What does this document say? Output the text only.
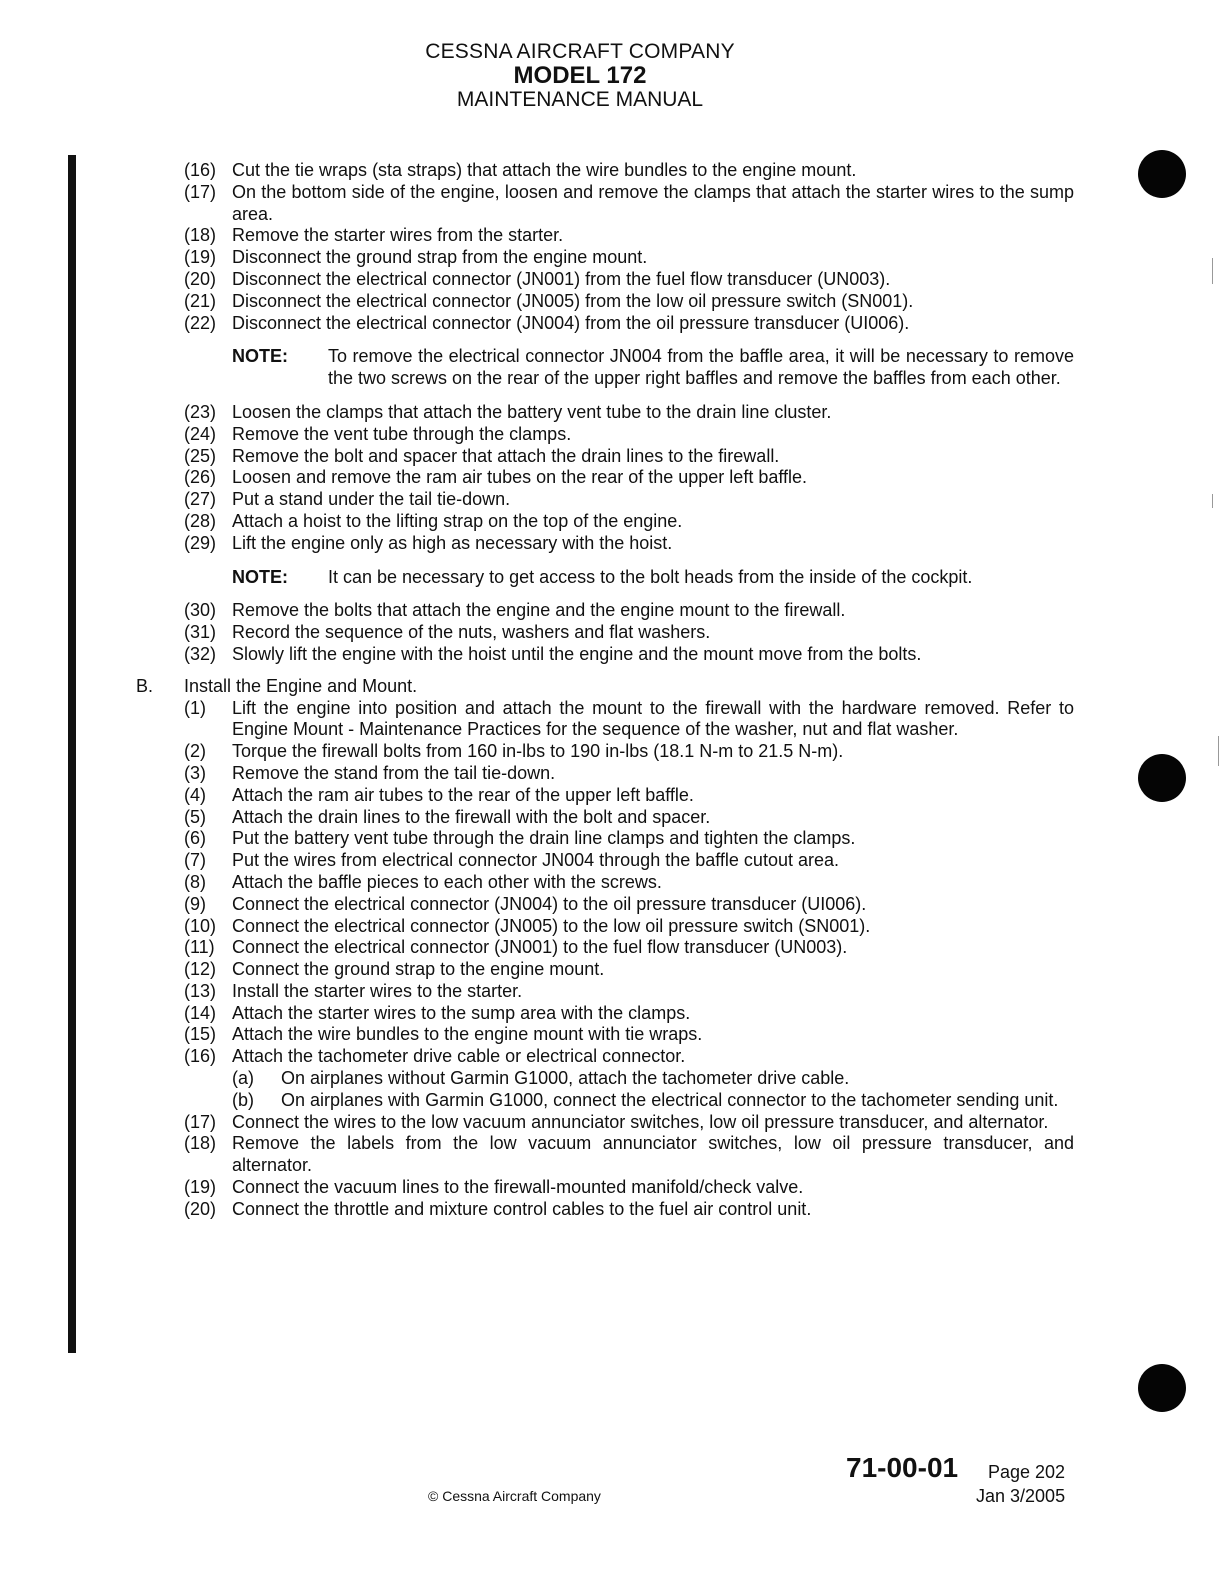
CESSNA AIRCRAFT COMPANY
MODEL 172
MAINTENANCE MANUAL
(16) Cut the tie wraps (sta straps) that attach the wire bundles to the engine mount.
(17) On the bottom side of the engine, loosen and remove the clamps that attach the starter wires to the sump area.
(18) Remove the starter wires from the starter.
(19) Disconnect the ground strap from the engine mount.
(20) Disconnect the electrical connector (JN001) from the fuel flow transducer (UN003).
(21) Disconnect the electrical connector (JN005) from the low oil pressure switch (SN001).
(22) Disconnect the electrical connector (JN004) from the oil pressure transducer (UI006).
NOTE: To remove the electrical connector JN004 from the baffle area, it will be necessary to remove the two screws on the rear of the upper right baffles and remove the baffles from each other.
(23) Loosen the clamps that attach the battery vent tube to the drain line cluster.
(24) Remove the vent tube through the clamps.
(25) Remove the bolt and spacer that attach the drain lines to the firewall.
(26) Loosen and remove the ram air tubes on the rear of the upper left baffle.
(27) Put a stand under the tail tie-down.
(28) Attach a hoist to the lifting strap on the top of the engine.
(29) Lift the engine only as high as necessary with the hoist.
NOTE: It can be necessary to get access to the bolt heads from the inside of the cockpit.
(30) Remove the bolts that attach the engine and the engine mount to the firewall.
(31) Record the sequence of the nuts, washers and flat washers.
(32) Slowly lift the engine with the hoist until the engine and the mount move from the bolts.
B. Install the Engine and Mount.
(1) Lift the engine into position and attach the mount to the firewall with the hardware removed. Refer to Engine Mount - Maintenance Practices for the sequence of the washer, nut and flat washer.
(2) Torque the firewall bolts from 160 in-lbs to 190 in-lbs (18.1 N-m to 21.5 N-m).
(3) Remove the stand from the tail tie-down.
(4) Attach the ram air tubes to the rear of the upper left baffle.
(5) Attach the drain lines to the firewall with the bolt and spacer.
(6) Put the battery vent tube through the drain line clamps and tighten the clamps.
(7) Put the wires from electrical connector JN004 through the baffle cutout area.
(8) Attach the baffle pieces to each other with the screws.
(9) Connect the electrical connector (JN004) to the oil pressure transducer (UI006).
(10) Connect the electrical connector (JN005) to the low oil pressure switch (SN001).
(11) Connect the electrical connector (JN001) to the fuel flow transducer (UN003).
(12) Connect the ground strap to the engine mount.
(13) Install the starter wires to the starter.
(14) Attach the starter wires to the sump area with the clamps.
(15) Attach the wire bundles to the engine mount with tie wraps.
(16) Attach the tachometer drive cable or electrical connector.
(a) On airplanes without Garmin G1000, attach the tachometer drive cable.
(b) On airplanes with Garmin G1000, connect the electrical connector to the tachometer sending unit.
(17) Connect the wires to the low vacuum annunciator switches, low oil pressure transducer, and alternator.
(18) Remove the labels from the low vacuum annunciator switches, low oil pressure transducer, and alternator.
(19) Connect the vacuum lines to the firewall-mounted manifold/check valve.
(20) Connect the throttle and mixture control cables to the fuel air control unit.
71-00-01 Page 202
Jan 3/2005
© Cessna Aircraft Company
